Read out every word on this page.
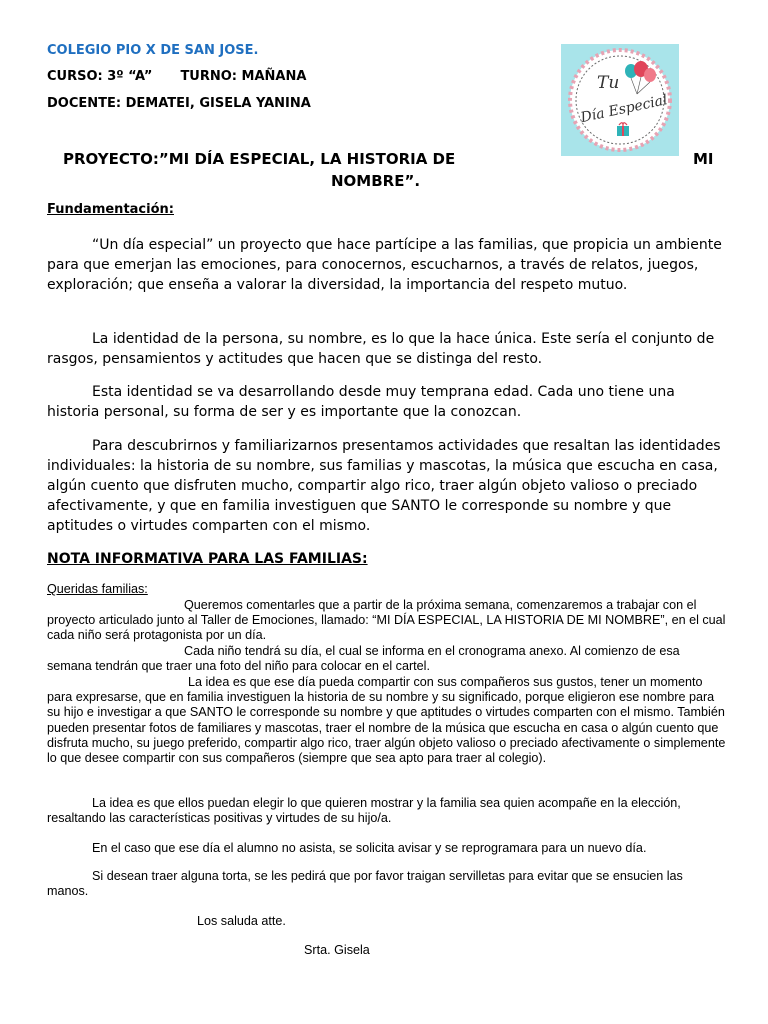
COLEGIO PIO X DE SAN JOSE.
CURSO: 3º “A” TURNO: MAÑANA
DOCENTE: DEMATEI, GISELA YANINA
Tu
Día Especial
PROYECTO:”MI DÍA ESPECIAL, LA HISTORIA DE	MI
NOMBRE”.
Fundamentación:
“Un día especial” un proyecto que hace partícipe a las familias, que propicia un ambiente para que emerjan las emociones, para conocernos, escucharnos, a través de relatos, juegos, exploración; que enseña a valorar la diversidad, la importancia del respeto mutuo.
La identidad de la persona, su nombre, es lo que la hace única. Este sería el conjunto de rasgos, pensamientos y actitudes que hacen que se distinga del resto.
Esta identidad se va desarrollando desde muy temprana edad. Cada uno tiene una historia personal, su forma de ser y es importante que la conozcan.
Para descubrirnos y familiarizarnos presentamos actividades que resaltan las identidades individuales: la historia de su nombre, sus familias y mascotas, la música que escucha en casa, algún cuento que disfruten mucho, compartir algo rico, traer algún objeto valioso o preciado afectivamente, y que en familia investiguen que SANTO le corresponde su nombre y que aptitudes o virtudes comparten con el mismo.
NOTA INFORMATIVA PARA LAS FAMILIAS:
Queridas familias:
Queremos comentarles que a partir de la próxima semana, comenzaremos a trabajar con el proyecto articulado junto al Taller de Emociones, llamado: “MI DÍA ESPECIAL, LA HISTORIA DE MI NOMBRE”, en el cual cada niño será protagonista por un día.
Cada niño tendrá su día, el cual se informa en el cronograma anexo. Al comienzo de esa semana tendrán que traer una foto del niño para colocar en el cartel.
La idea es que ese día pueda compartir con sus compañeros sus gustos, tener un momento para expresarse, que en familia investiguen la historia de su nombre y su significado, porque eligieron ese nombre para su hijo e investigar a que SANTO le corresponde su nombre y que aptitudes o virtudes comparten con el mismo. También pueden presentar fotos de familiares y mascotas, traer el nombre de la música que escucha en casa o algún cuento que disfruta mucho, su juego preferido, compartir algo rico, traer algún objeto valioso o preciado afectivamente o simplemente lo que desee compartir con sus compañeros (siempre que sea apto para traer al colegio).
La idea es que ellos puedan elegir lo que quieren mostrar y la familia sea quien acompañe en la elección, resaltando las características positivas y virtudes de su hijo/a.
En el caso que ese día el alumno no asista, se solicita avisar y se reprogramara para un nuevo día.
Si desean traer alguna torta, se les pedirá que por favor traigan servilletas para evitar que se ensucien las manos.
Los saluda atte.
Srta. Gisela
